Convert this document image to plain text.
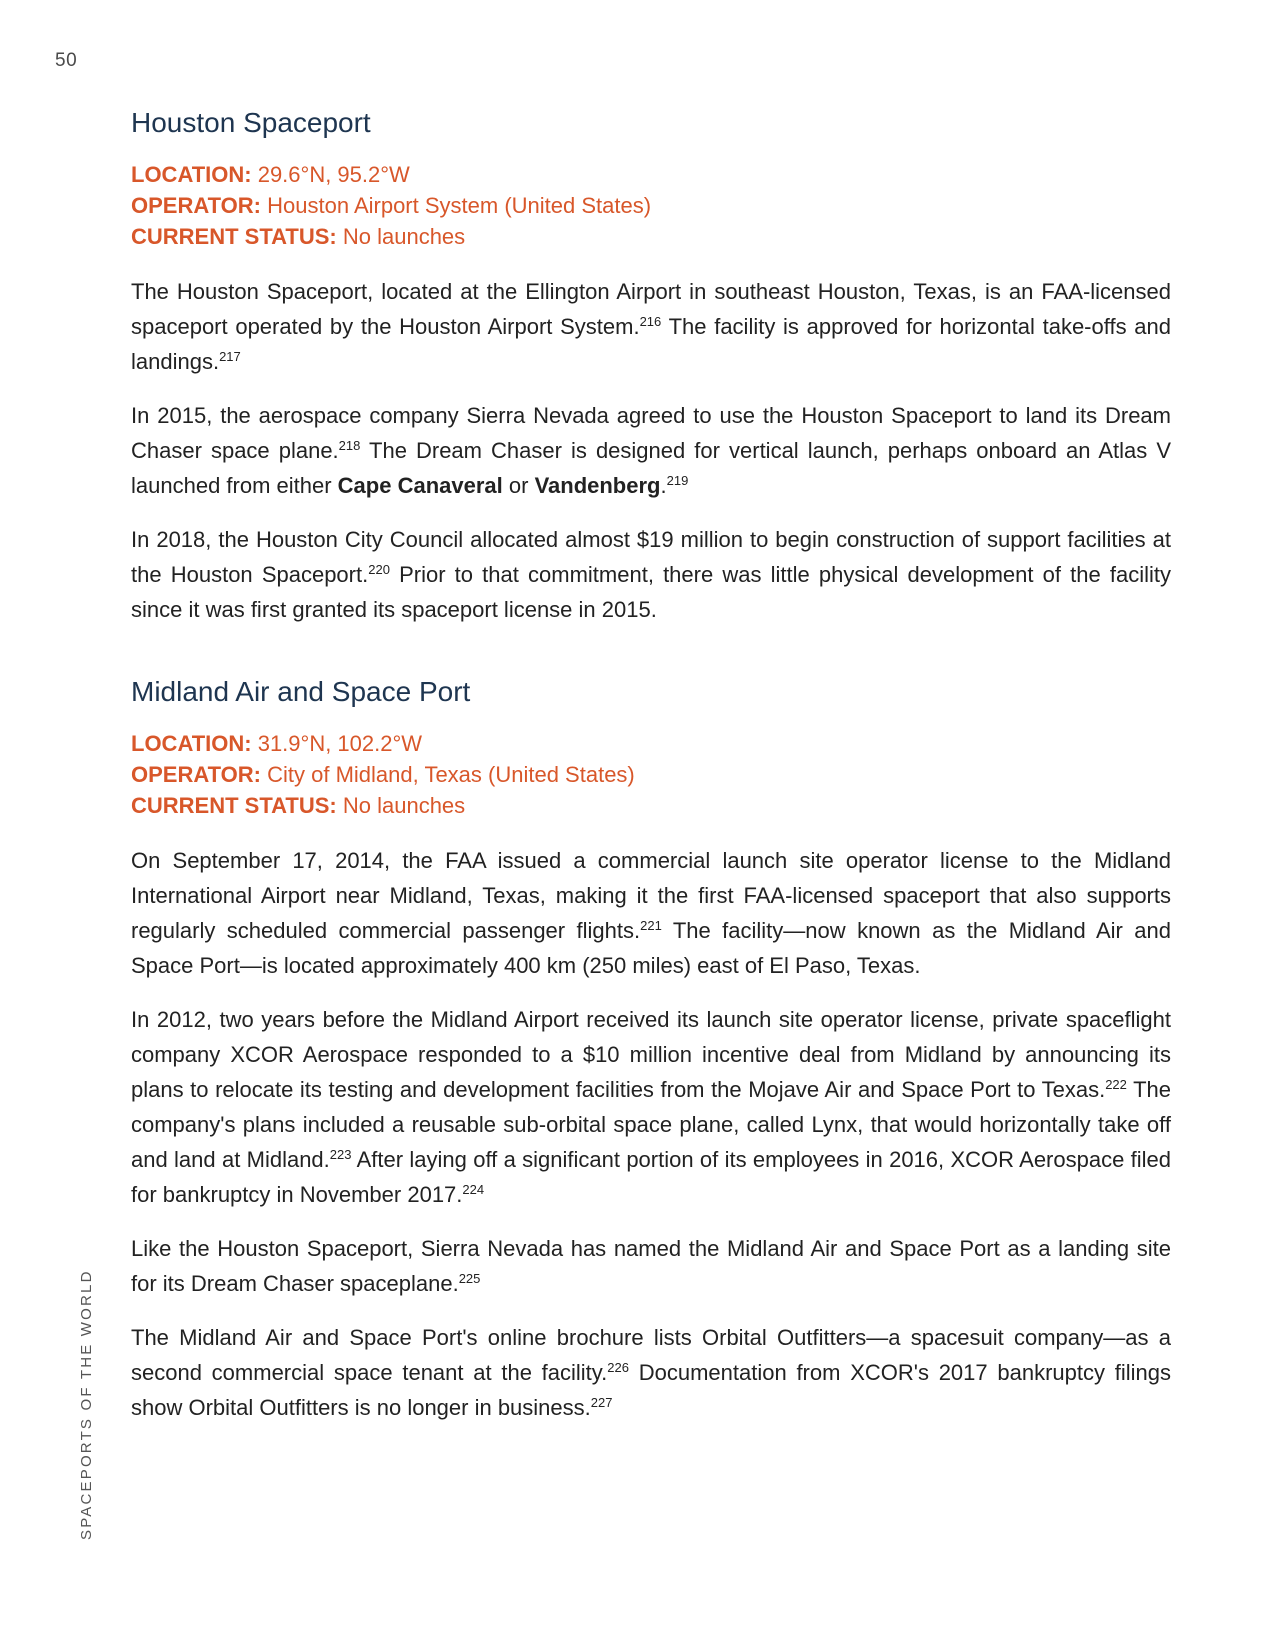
50
SPACEPORTS OF THE WORLD
Houston Spaceport
LOCATION: 29.6°N, 95.2°W
OPERATOR: Houston Airport System (United States)
CURRENT STATUS: No launches

The Houston Spaceport, located at the Ellington Airport in southeast Houston, Texas, is an FAA-licensed spaceport operated by the Houston Airport System.$^{216}$ The facility is approved for horizontal take-offs and landings.$^{217}$

In 2015, the aerospace company Sierra Nevada agreed to use the Houston Spaceport to land its Dream Chaser space plane.$^{218}$ The Dream Chaser is designed for vertical launch, perhaps onboard an Atlas V launched from either Cape Canaveral or Vandenberg.$^{219}$

In 2018, the Houston City Council allocated almost $19 million to begin construction of support facilities at the Houston Spaceport.$^{220}$ Prior to that commitment, there was little physical development of the facility since it was first granted its spaceport license in 2015.

Midland Air and Space Port
LOCATION: 31.9°N, 102.2°W
OPERATOR: City of Midland, Texas (United States)
CURRENT STATUS: No launches

On September 17, 2014, the FAA issued a commercial launch site operator license to the Midland International Airport near Midland, Texas, making it the first FAA-licensed spaceport that also supports regularly scheduled commercial passenger flights.$^{221}$ The facility—now known as the Midland Air and Space Port—is located approximately 400 km (250 miles) east of El Paso, Texas.

In 2012, two years before the Midland Airport received its launch site operator license, private spaceflight company XCOR Aerospace responded to a $10 million incentive deal from Midland by announcing its plans to relocate its testing and development facilities from the Mojave Air and Space Port to Texas.$^{222}$ The company's plans included a reusable sub-orbital space plane, called Lynx, that would horizontally take off and land at Midland.$^{223}$ After laying off a significant portion of its employees in 2016, XCOR Aerospace filed for bankruptcy in November 2017.$^{224}$

Like the Houston Spaceport, Sierra Nevada has named the Midland Air and Space Port as a landing site for its Dream Chaser spaceplane.$^{225}$

The Midland Air and Space Port's online brochure lists Orbital Outfitters—a spacesuit company—as a second commercial space tenant at the facility.$^{226}$ Documentation from XCOR's 2017 bankruptcy filings show Orbital Outfitters is no longer in business.$^{227}$
